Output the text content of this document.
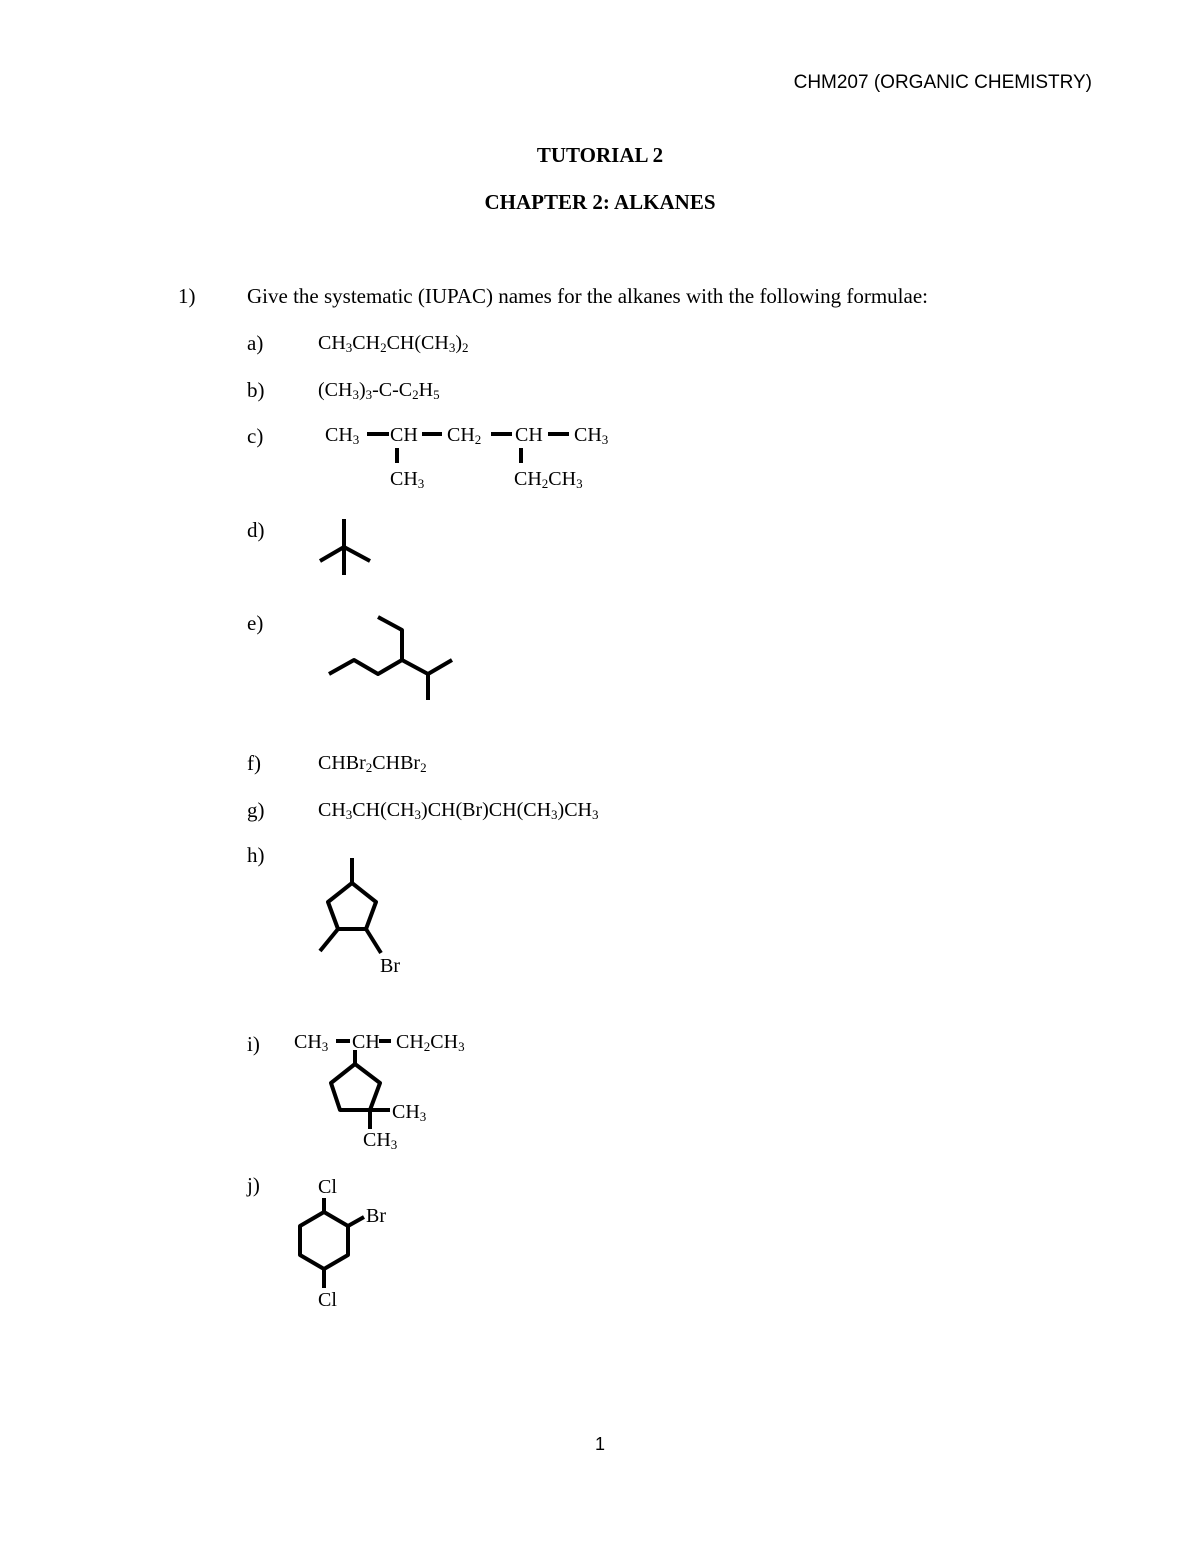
CHM207 (ORGANIC CHEMISTRY)
TUTORIAL 2
CHAPTER 2: ALKANES
1) Give the systematic (IUPAC) names for the alkanes with the following formulae:
a)
b)
c)
d)
e)
f)
g)
h)
i)
j)
$CH_3CH_2CH(CH_3)_2$
$(CH_3)_3-C-C_2H_5$
$CH_3$ CH $CH_2$ CH $CH_3$
$CH_3$	$CH_2CH_3$
CHBr$_2$CHBr$_2$
$CH_3CH(CH_3)CH(Br)CH(CH_3)CH_3$
Br
$CH_3$ CH $CH_2CH_3$
$CH_3$
$CH_3$
Cl
Br
Cl
1
